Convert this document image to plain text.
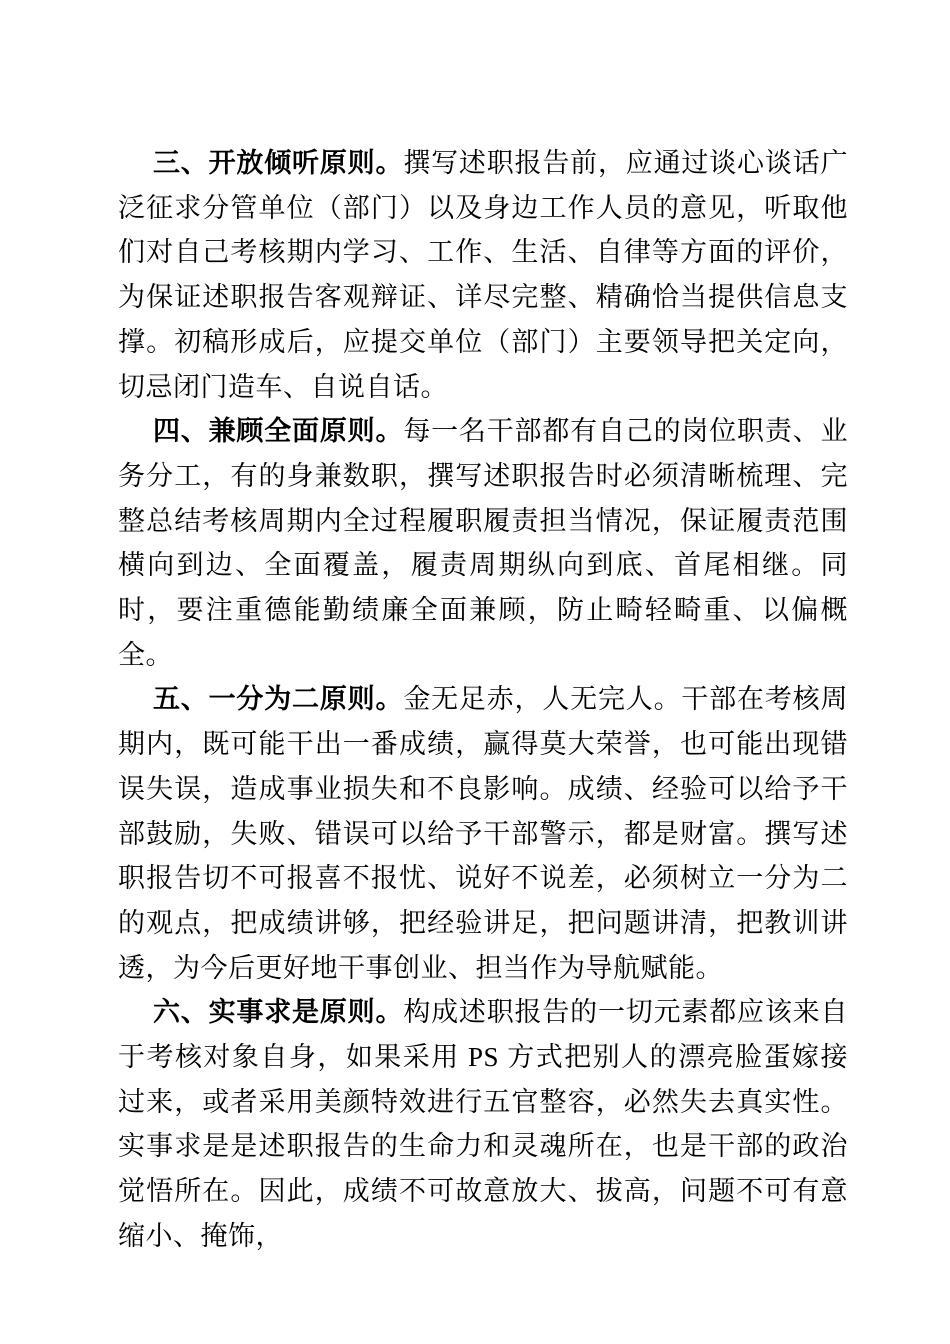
三、开放倾听原则。撰写述职报告前，应通过谈心谈话广泛征求分管单位（部门）以及身边工作人员的意见，听取他们对自己考核期内学习、工作、生活、自律等方面的评价，为保证述职报告客观辩证、详尽完整、精确恰当提供信息支撑。初稿形成后，应提交单位（部门）主要领导把关定向，切忌闭门造车、自说自话。

四、兼顾全面原则。每一名干部都有自己的岗位职责、业务分工，有的身兼数职，撰写述职报告时必须清晰梳理、完整总结考核周期内全过程履职履责担当情况，保证履责范围横向到边、全面覆盖，履责周期纵向到底、首尾相继。同时，要注重德能勤绩廉全面兼顾，防止畸轻畸重、以偏概全。

五、一分为二原则。金无足赤，人无完人。干部在考核周期内，既可能干出一番成绩，赢得莫大荣誉，也可能出现错误失误，造成事业损失和不良影响。成绩、经验可以给予干部鼓励，失败、错误可以给予干部警示，都是财富。撰写述职报告切不可报喜不报忧、说好不说差，必须树立一分为二的观点，把成绩讲够，把经验讲足，把问题讲清，把教训讲透，为今后更好地干事创业、担当作为导航赋能。

六、实事求是原则。构成述职报告的一切元素都应该来自于考核对象自身，如果采用 PS 方式把别人的漂亮脸蛋嫁接过来，或者采用美颜特效进行五官整容，必然失去真实性。实事求是是述职报告的生命力和灵魂所在，也是干部的政治觉悟所在。因此，成绩不可故意放大、拔高，问题不可有意缩小、掩饰，
